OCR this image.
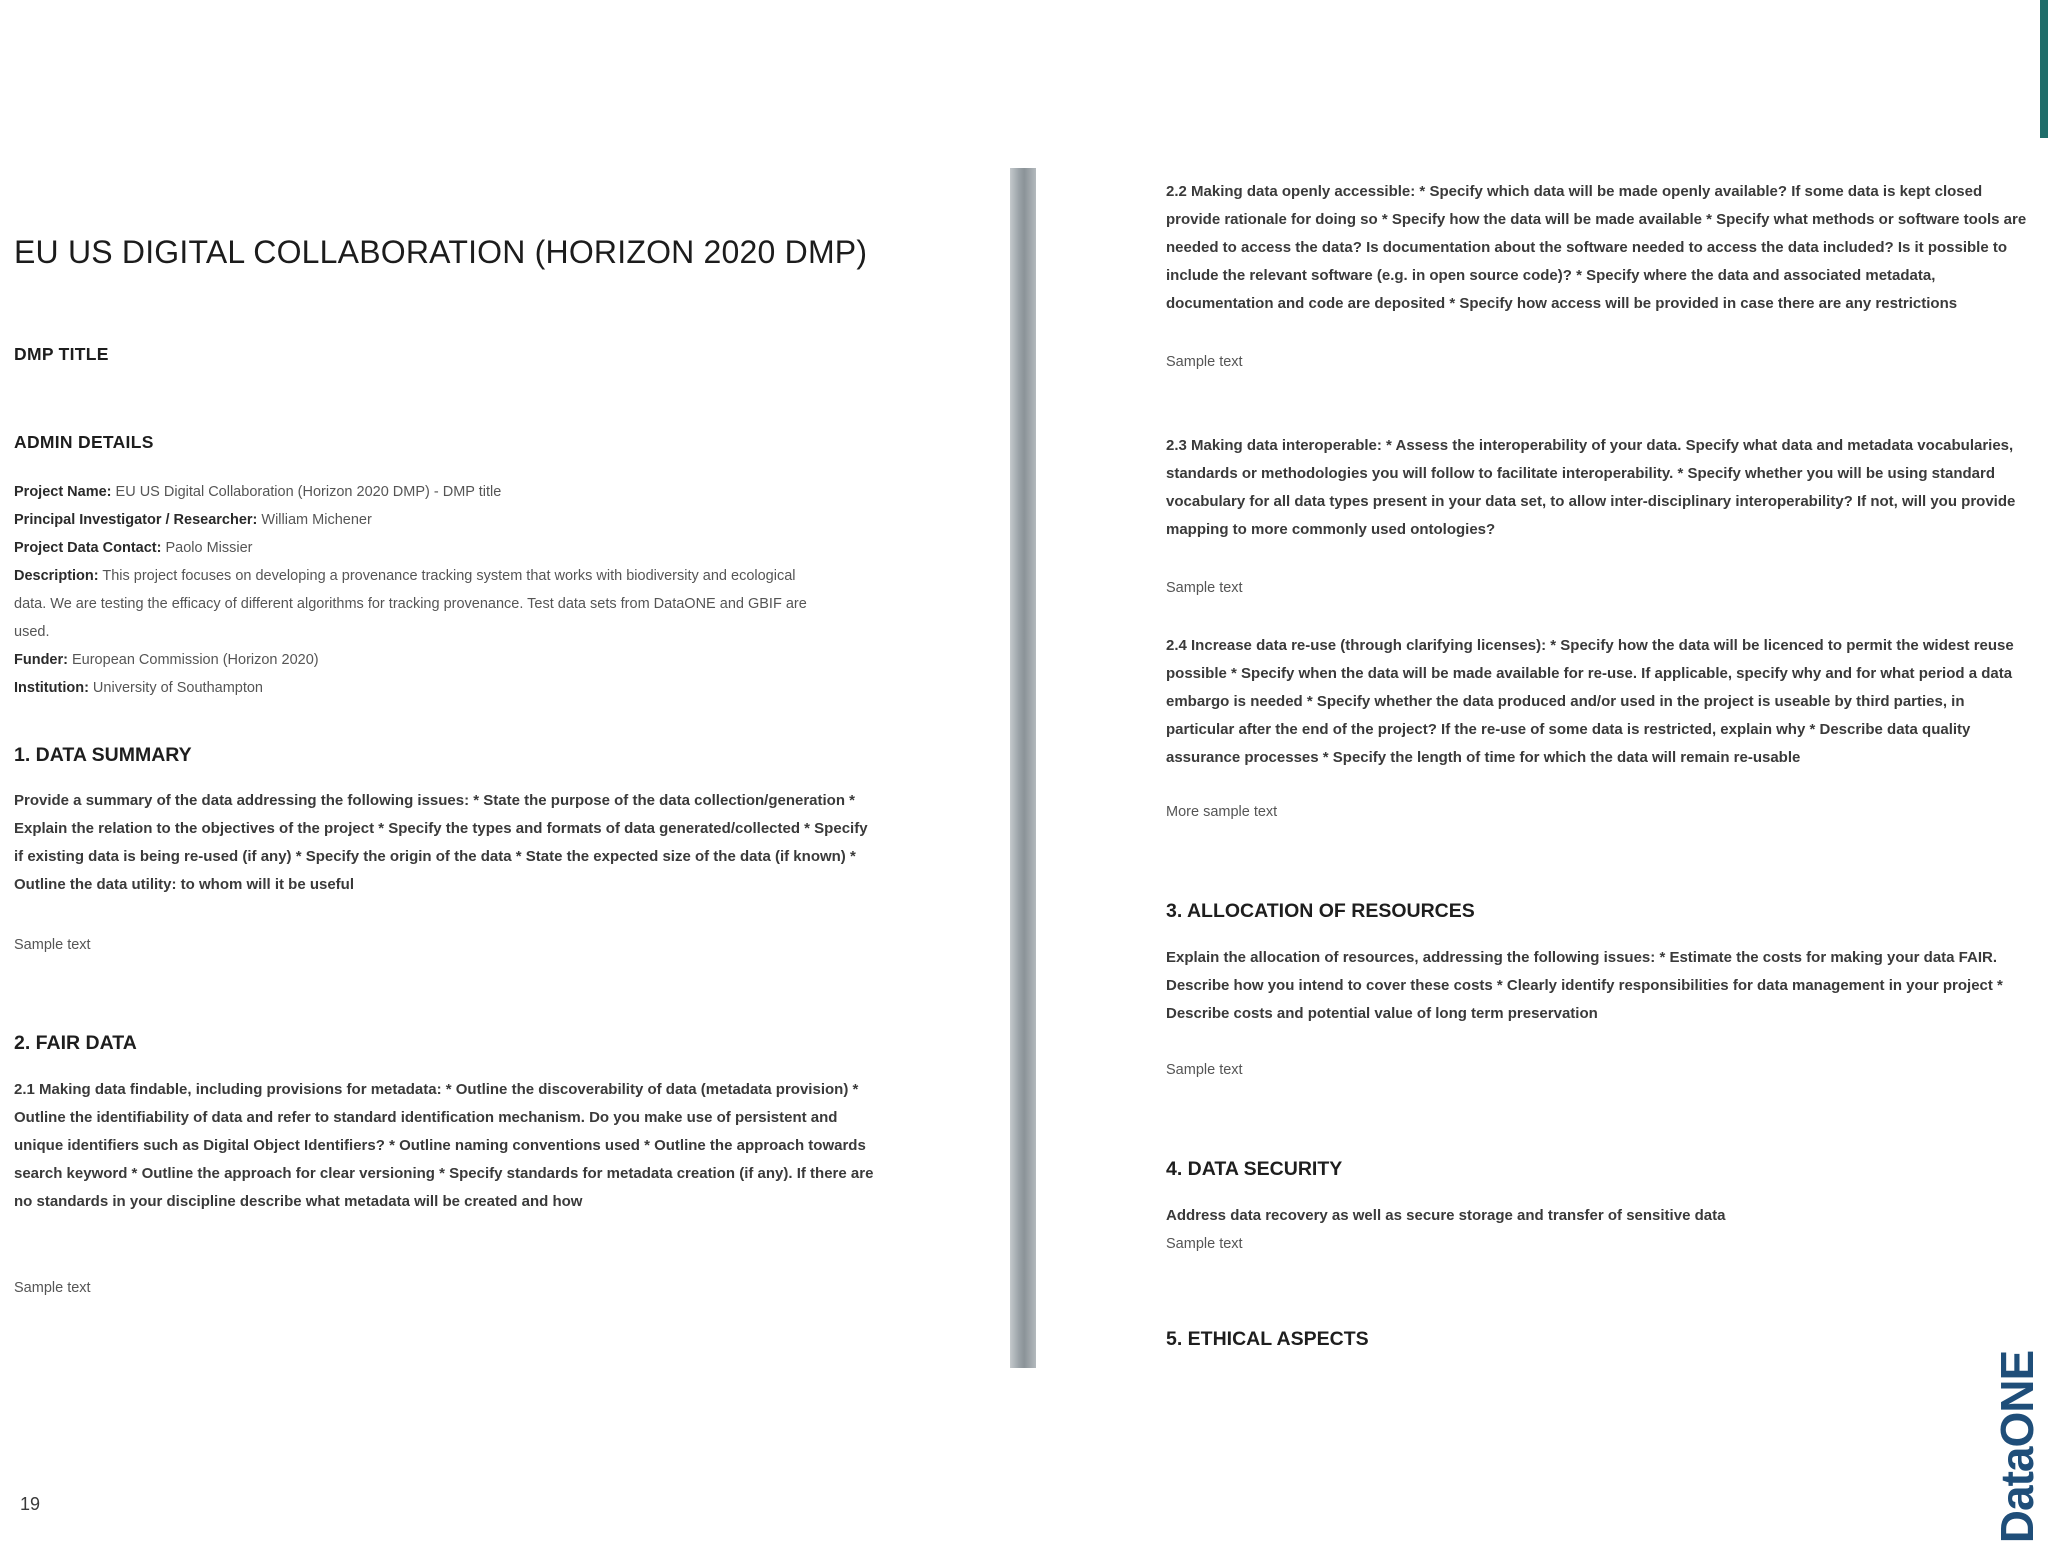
EU US DIGITAL COLLABORATION (HORIZON 2020 DMP)
DMP TITLE
ADMIN DETAILS
Project Name: EU US Digital Collaboration (Horizon 2020 DMP) - DMP title
Principal Investigator / Researcher: William Michener
Project Data Contact: Paolo Missier
Description: This project focuses on developing a provenance tracking system that works with biodiversity and ecological data. We are testing the efficacy of different algorithms for tracking provenance. Test data sets from DataONE and GBIF are used.
Funder: European Commission (Horizon 2020)
Institution: University of Southampton
1. DATA SUMMARY
Provide a summary of the data addressing the following issues: * State the purpose of the data collection/generation * Explain the relation to the objectives of the project * Specify the types and formats of data generated/collected * Specify if existing data is being re-used (if any) * Specify the origin of the data * State the expected size of the data (if known) * Outline the data utility: to whom will it be useful
Sample text
2. FAIR DATA
2.1 Making data findable, including provisions for metadata: * Outline the discoverability of data (metadata provision) * Outline the identifiability of data and refer to standard identification mechanism. Do you make use of persistent and unique identifiers such as Digital Object Identifiers? * Outline naming conventions used * Outline the approach towards search keyword * Outline the approach for clear versioning * Specify standards for metadata creation (if any). If there are no standards in your discipline describe what metadata will be created and how
Sample text
2.2 Making data openly accessible: * Specify which data will be made openly available? If some data is kept closed provide rationale for doing so * Specify how the data will be made available * Specify what methods or software tools are needed to access the data? Is documentation about the software needed to access the data included? Is it possible to include the relevant software (e.g. in open source code)? * Specify where the data and associated metadata, documentation and code are deposited * Specify how access will be provided in case there are any restrictions
Sample text
2.3 Making data interoperable: * Assess the interoperability of your data. Specify what data and metadata vocabularies, standards or methodologies you will follow to facilitate interoperability. * Specify whether you will be using standard vocabulary for all data types present in your data set, to allow inter-disciplinary interoperability? If not, will you provide mapping to more commonly used ontologies?
Sample text
2.4 Increase data re-use (through clarifying licenses): * Specify how the data will be licenced to permit the widest reuse possible * Specify when the data will be made available for re-use. If applicable, specify why and for what period a data embargo is needed * Specify whether the data produced and/or used in the project is useable by third parties, in particular after the end of the project? If the re-use of some data is restricted, explain why * Describe data quality assurance processes * Specify the length of time for which the data will remain re-usable
More sample text
3. ALLOCATION OF RESOURCES
Explain the allocation of resources, addressing the following issues: * Estimate the costs for making your data FAIR. Describe how you intend to cover these costs * Clearly identify responsibilities for data management in your project * Describe costs and potential value of long term preservation
Sample text
4. DATA SECURITY
Address data recovery as well as secure storage and transfer of sensitive data
Sample text
5. ETHICAL ASPECTS
19	DataONE
